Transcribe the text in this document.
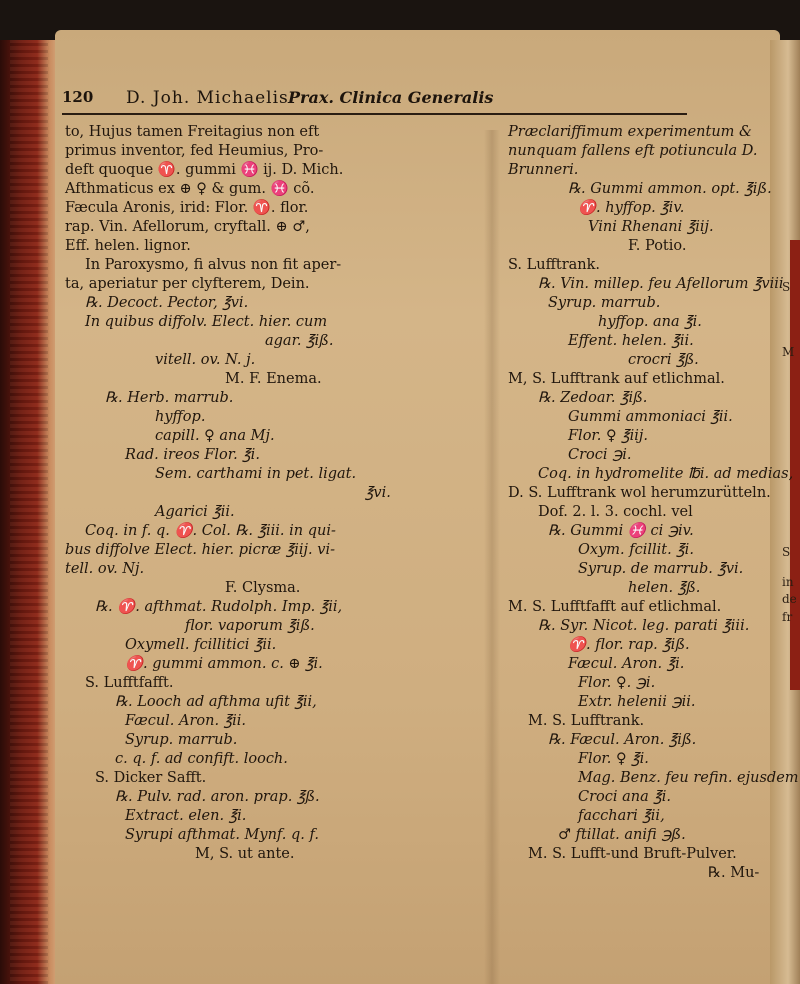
S
M
S
in
de
fr
120 D. Joh. Michaelis Prax. Clinica Generalis
to, Hujus tamen Freitagius non eft
primus inventor, fed Heumius, Pro-
deft quoque ♈. gummi ♓ ij. D. Mich.
Afthmaticus ex ⊕ ♀ & gum. ♓ cõ.
Fæcula Aronis, irid: Flor. ♈. flor.
rap. Vin. Afellorum, cryftall. ⊕ ♂,
Eff. helen. lignor.
In Paroxysmo, fi alvus non fit aper-
ta, aperiatur per clyfterem, Dein.
℞. Decoct. Pector, ℥vi.
In quibus diffolv. Elect. hier. cum
agar. ℥iß.
vitell. ov. N. j.
M. F. Enema.
℞. Herb. marrub.
hyffop.
capill. ♀ ana Mj.
Rad. ireos Flor. ℥i.
Sem. carthami in pet. ligat.
℥vi.
Agarici ℥ii.
Coq. in f. q. ♈. Col. ℞. ℥iii. in qui-
bus diffolve Elect. hier. picræ ℥iij. vi-
tell. ov. Nj.
F. Clysma.
℞. ♈. afthmat. Rudolph. Imp. ℥ii,
flor. vaporum ℥iß.
Oxymell. fcillitici ℥ii.
♈. gummi ammon. c. ⊕ ℥i.
S. Lufftfafft.
℞. Looch ad afthma ufit ℥ii,
Fæcul. Aron. ℥ii.
Syrup. marrub.
c. q. f. ad confift. looch.
S. Dicker Safft.
℞. Pulv. rad. aron. prap. ℥ß.
Extract. elen. ℥i.
Syrupi afthmat. Mynf. q. f.
M, S. ut ante.
Præclariffimum experimentum &
nunquam fallens eft potiuncula D.
Brunneri.
℞. Gummi ammon. opt. ℥iß.
♈. hyffop. ℥iv.
Vini Rhenani ℥iij.
F. Potio.
S. Lufftrank.
℞. Vin. millep. feu Afellorum ℥viii
Syrup. marrub.
hyffop. ana ℥i.
Effent. helen. ℥ii.
crocri ℥ß.
M, S. Lufftrank auf etlichmal.
℞. Zedoar. ℥iß.
Gummi ammoniaci ℥ii.
Flor. ♀ ℥iij.
Croci ℈i.
Coq. in hydromelite ℔i. ad medias,
D. S. Lufftrank wol herumzurütteln.
Dof. 2. l. 3. cochl. vel
℞. Gummi ♓ ci ℈iv.
Oxym. fcillit. ℥i.
Syrup. de marrub. ℥vi.
helen. ℥ß.
M. S. Lufftfafft auf etlichmal.
℞. Syr. Nicot. leg. parati ℥iii.
♈. flor. rap. ℥iß.
Fæcul. Aron. ℥i.
Flor. ♀. ℈i.
Extr. helenii ℈ii.
M. S. Lufftrank.
℞. Fæcul. Aron. ℥iß.
Flor. ♀ ℥i.
Mag. Benz. feu refin. ejusdem
Croci ana ℥i.
facchari ℥ii,
♂ ftillat. anifi ℈ß.
M. S. Lufft-und Bruft-Pulver.
℞. Mu-
